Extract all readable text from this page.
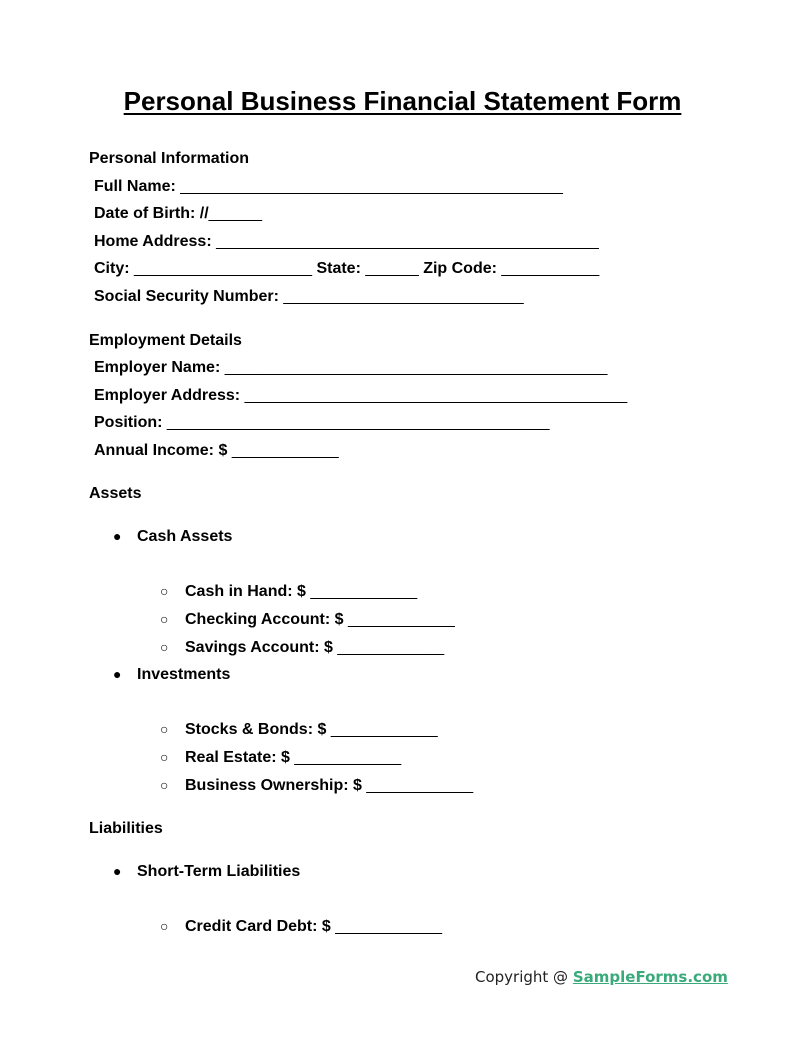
Personal Business Financial Statement Form
Personal Information
Full Name: ___________________________________________
Date of Birth: //______
Home Address: ___________________________________________
City: ____________________ State: ______ Zip Code: ___________
Social Security Number: ___________________________
Employment Details
Employer Name: ___________________________________________
Employer Address: ___________________________________________
Position: ___________________________________________
Annual Income: $ ____________
Assets
● Cash Assets
○ Cash in Hand: $ ____________
○ Checking Account: $ ____________
○ Savings Account: $ ____________
● Investments
○ Stocks & Bonds: $ ____________
○ Real Estate: $ ____________
○ Business Ownership: $ ____________
Liabilities
● Short-Term Liabilities
○ Credit Card Debt: $ ____________
Copyright @ SampleForms.com
